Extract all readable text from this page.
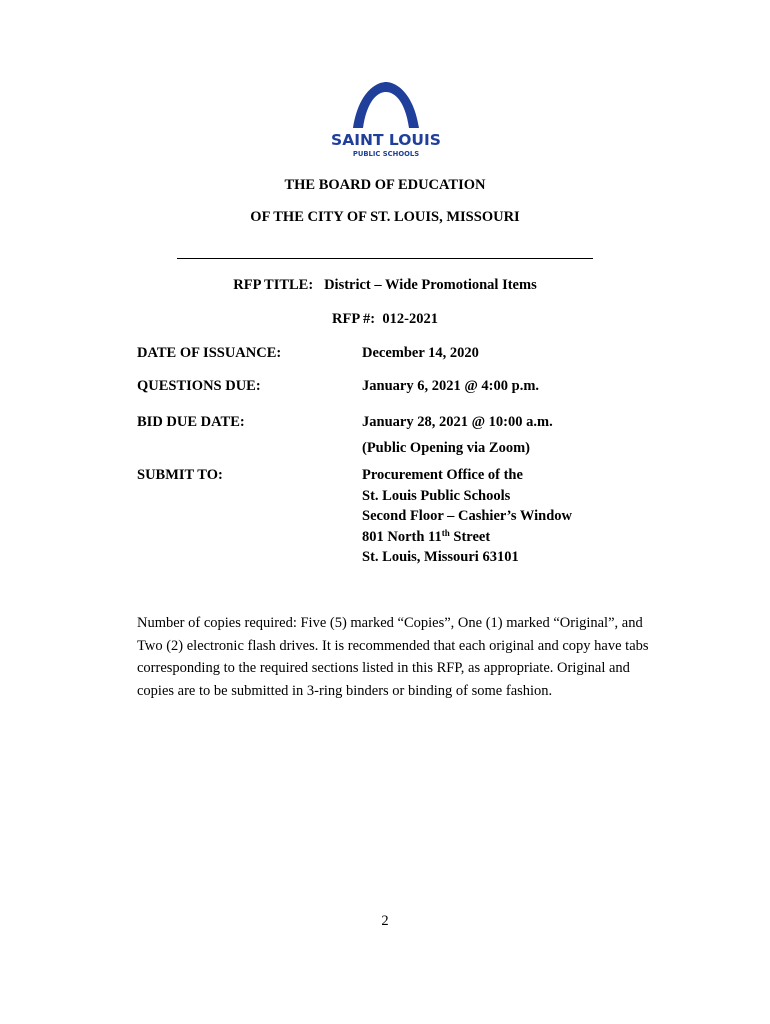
SAINT LOUIS
PUBLIC SCHOOLS
THE BOARD OF EDUCATION
OF THE CITY OF ST. LOUIS, MISSOURI
RFP TITLE: District – Wide Promotional Items
RFP #: 012-2021
DATE OF ISSUANCE:	December 14, 2020
QUESTIONS DUE:	January 6, 2021 @ 4:00 p.m.
BID DUE DATE:	January 28, 2021 @ 10:00 a.m.
(Public Opening via Zoom)
SUBMIT TO:	Procurement Office of the
St. Louis Public Schools
Second Floor – Cashier’s Window
801 North 11th Street
St. Louis, Missouri 63101
Number of copies required: Five (5) marked “Copies”, One (1) marked “Original”, and Two (2) electronic flash drives. It is recommended that each original and copy have tabs corresponding to the required sections listed in this RFP, as appropriate. Original and copies are to be submitted in 3-ring binders or binding of some fashion.
2
